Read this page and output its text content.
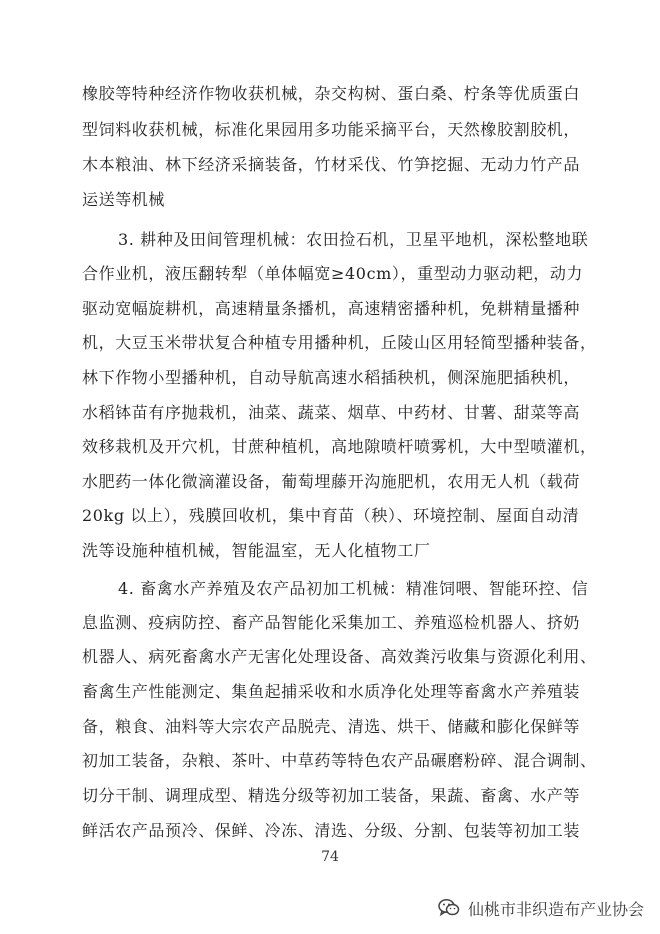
橡胶等特种经济作物收获机械，杂交构树、蛋白桑、柠条等优质蛋白
型饲料收获机械，标准化果园用多功能采摘平台，天然橡胶割胶机，
木本粮油、林下经济采摘装备，竹材采伐、竹笋挖掘、无动力竹产品
运送等机械
3. 耕种及田间管理机械：农田捡石机，卫星平地机，深松整地联
合作业机，液压翻转犁（单体幅宽≥40cm），重型动力驱动耙，动力
驱动宽幅旋耕机，高速精量条播机，高速精密播种机，免耕精量播种
机，大豆玉米带状复合种植专用播种机，丘陵山区用轻简型播种装备，
林下作物小型播种机，自动导航高速水稻插秧机，侧深施肥插秧机，
水稻钵苗有序抛栽机，油菜、蔬菜、烟草、中药材、甘薯、甜菜等高
效移栽机及开穴机，甘蔗种植机，高地隙喷杆喷雾机，大中型喷灌机，
水肥药一体化微滴灌设备，葡萄埋藤开沟施肥机，农用无人机（载荷
20kg 以上），残膜回收机，集中育苗（秧）、环境控制、屋面自动清
洗等设施种植机械，智能温室，无人化植物工厂
4. 畜禽水产养殖及农产品初加工机械：精准饲喂、智能环控、信
息监测、疫病防控、畜产品智能化采集加工、养殖巡检机器人、挤奶
机器人、病死畜禽水产无害化处理设备、高效粪污收集与资源化利用、
畜禽生产性能测定、集鱼起捕采收和水质净化处理等畜禽水产养殖装
备，粮食、油料等大宗农产品脱壳、清选、烘干、储藏和膨化保鲜等
初加工装备，杂粮、茶叶、中草药等特色农产品碾磨粉碎、混合调制、
切分干制、调理成型、精选分级等初加工装备，果蔬、畜禽、水产等
鲜活农产品预冷、保鲜、冷冻、清选、分级、分割、包装等初加工装
74
仙桃市非织造布产业协会
